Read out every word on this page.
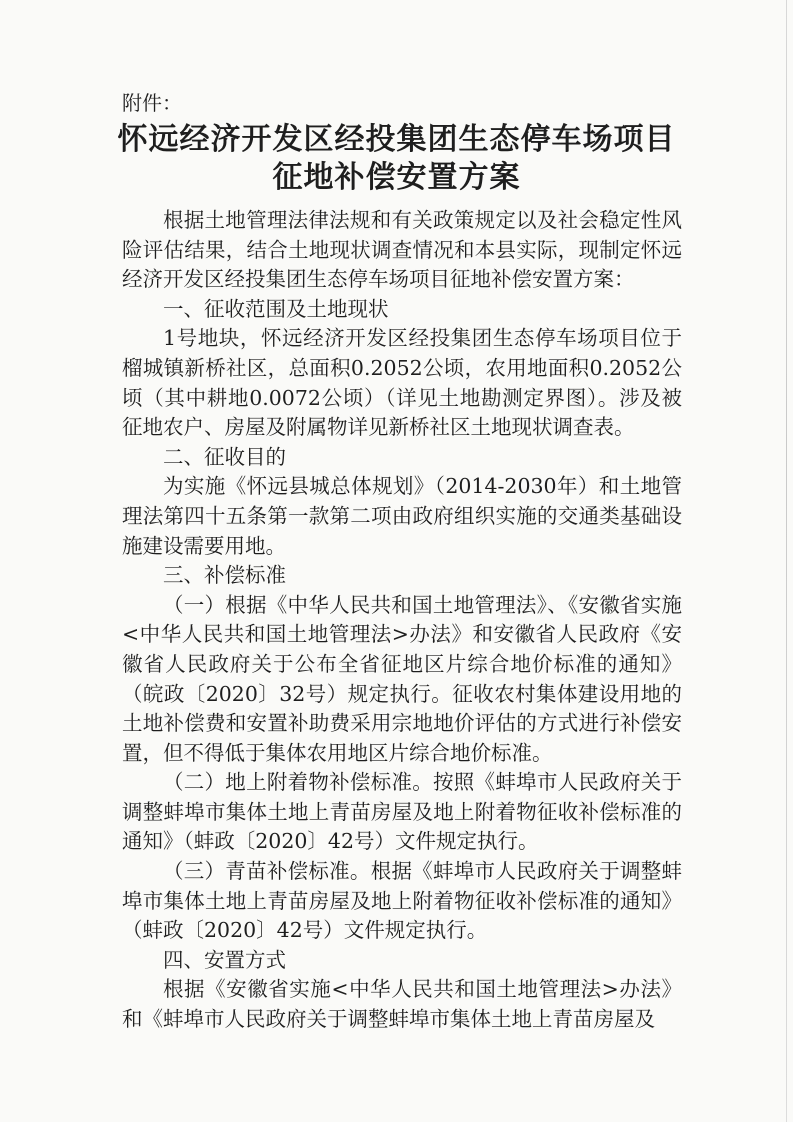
附件：
怀远经济开发区经投集团生态停车场项目
征地补偿安置方案

根据土地管理法律法规和有关政策规定以及社会稳定性风险评估结果，结合土地现状调查情况和本县实际，现制定怀远经济开发区经投集团生态停车场项目征地补偿安置方案：

一、征收范围及土地现状

1号地块，怀远经济开发区经投集团生态停车场项目位于榴城镇新桥社区，总面积0.2052公顷，农用地面积0.2052公顷（其中耕地0.0072公顷）（详见土地勘测定界图）。涉及被征地农户、房屋及附属物详见新桥社区土地现状调查表。

二、征收目的

为实施《怀远县城总体规划》（2014-2030年）和土地管理法第四十五条第一款第二项由政府组织实施的交通类基础设施建设需要用地。

三、补偿标准

（一）根据《中华人民共和国土地管理法》、《安徽省实施<中华人民共和国土地管理法>办法》和安徽省人民政府《安徽省人民政府关于公布全省征地区片综合地价标准的通知》（皖政〔2020〕32号）规定执行。征收农村集体建设用地的土地补偿费和安置补助费采用宗地地价评估的方式进行补偿安置，但不得低于集体农用地区片综合地价标准。

（二）地上附着物补偿标准。按照《蚌埠市人民政府关于调整蚌埠市集体土地上青苗房屋及地上附着物征收补偿标准的通知》（蚌政〔2020〕42号）文件规定执行。

（三）青苗补偿标准。根据《蚌埠市人民政府关于调整蚌埠市集体土地上青苗房屋及地上附着物征收补偿标准的通知》（蚌政〔2020〕42号）文件规定执行。

四、安置方式

根据《安徽省实施<中华人民共和国土地管理法>办法》和《蚌埠市人民政府关于调整蚌埠市集体土地上青苗房屋及
